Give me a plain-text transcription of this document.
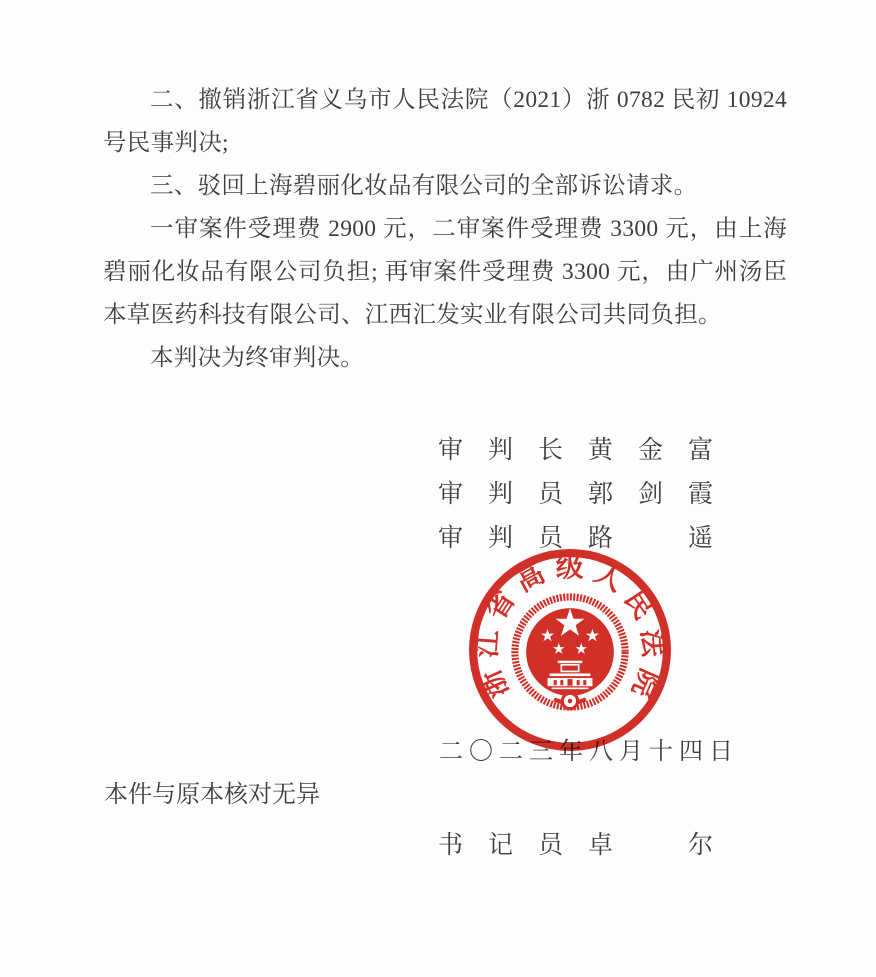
二、撤销浙江省义乌市人民法院（2021）浙 0782 民初 10924 号民事判决;

三、驳回上海碧丽化妆品有限公司的全部诉讼请求。

一审案件受理费 2900 元，二审案件受理费 3300 元，由上海碧丽化妆品有限公司负担; 再审案件受理费 3300 元，由广州汤臣本草医药科技有限公司、江西汇发实业有限公司共同负担。

本判决为终审判决。

审　判　长 黄　金　富
审　判　员 郭　剑　霞
审　判　员 路　　　遥
二〇二三年八月十四日
浙江省高级人民法院
本件与原本核对无异
书　记　员 卓　　　尔
